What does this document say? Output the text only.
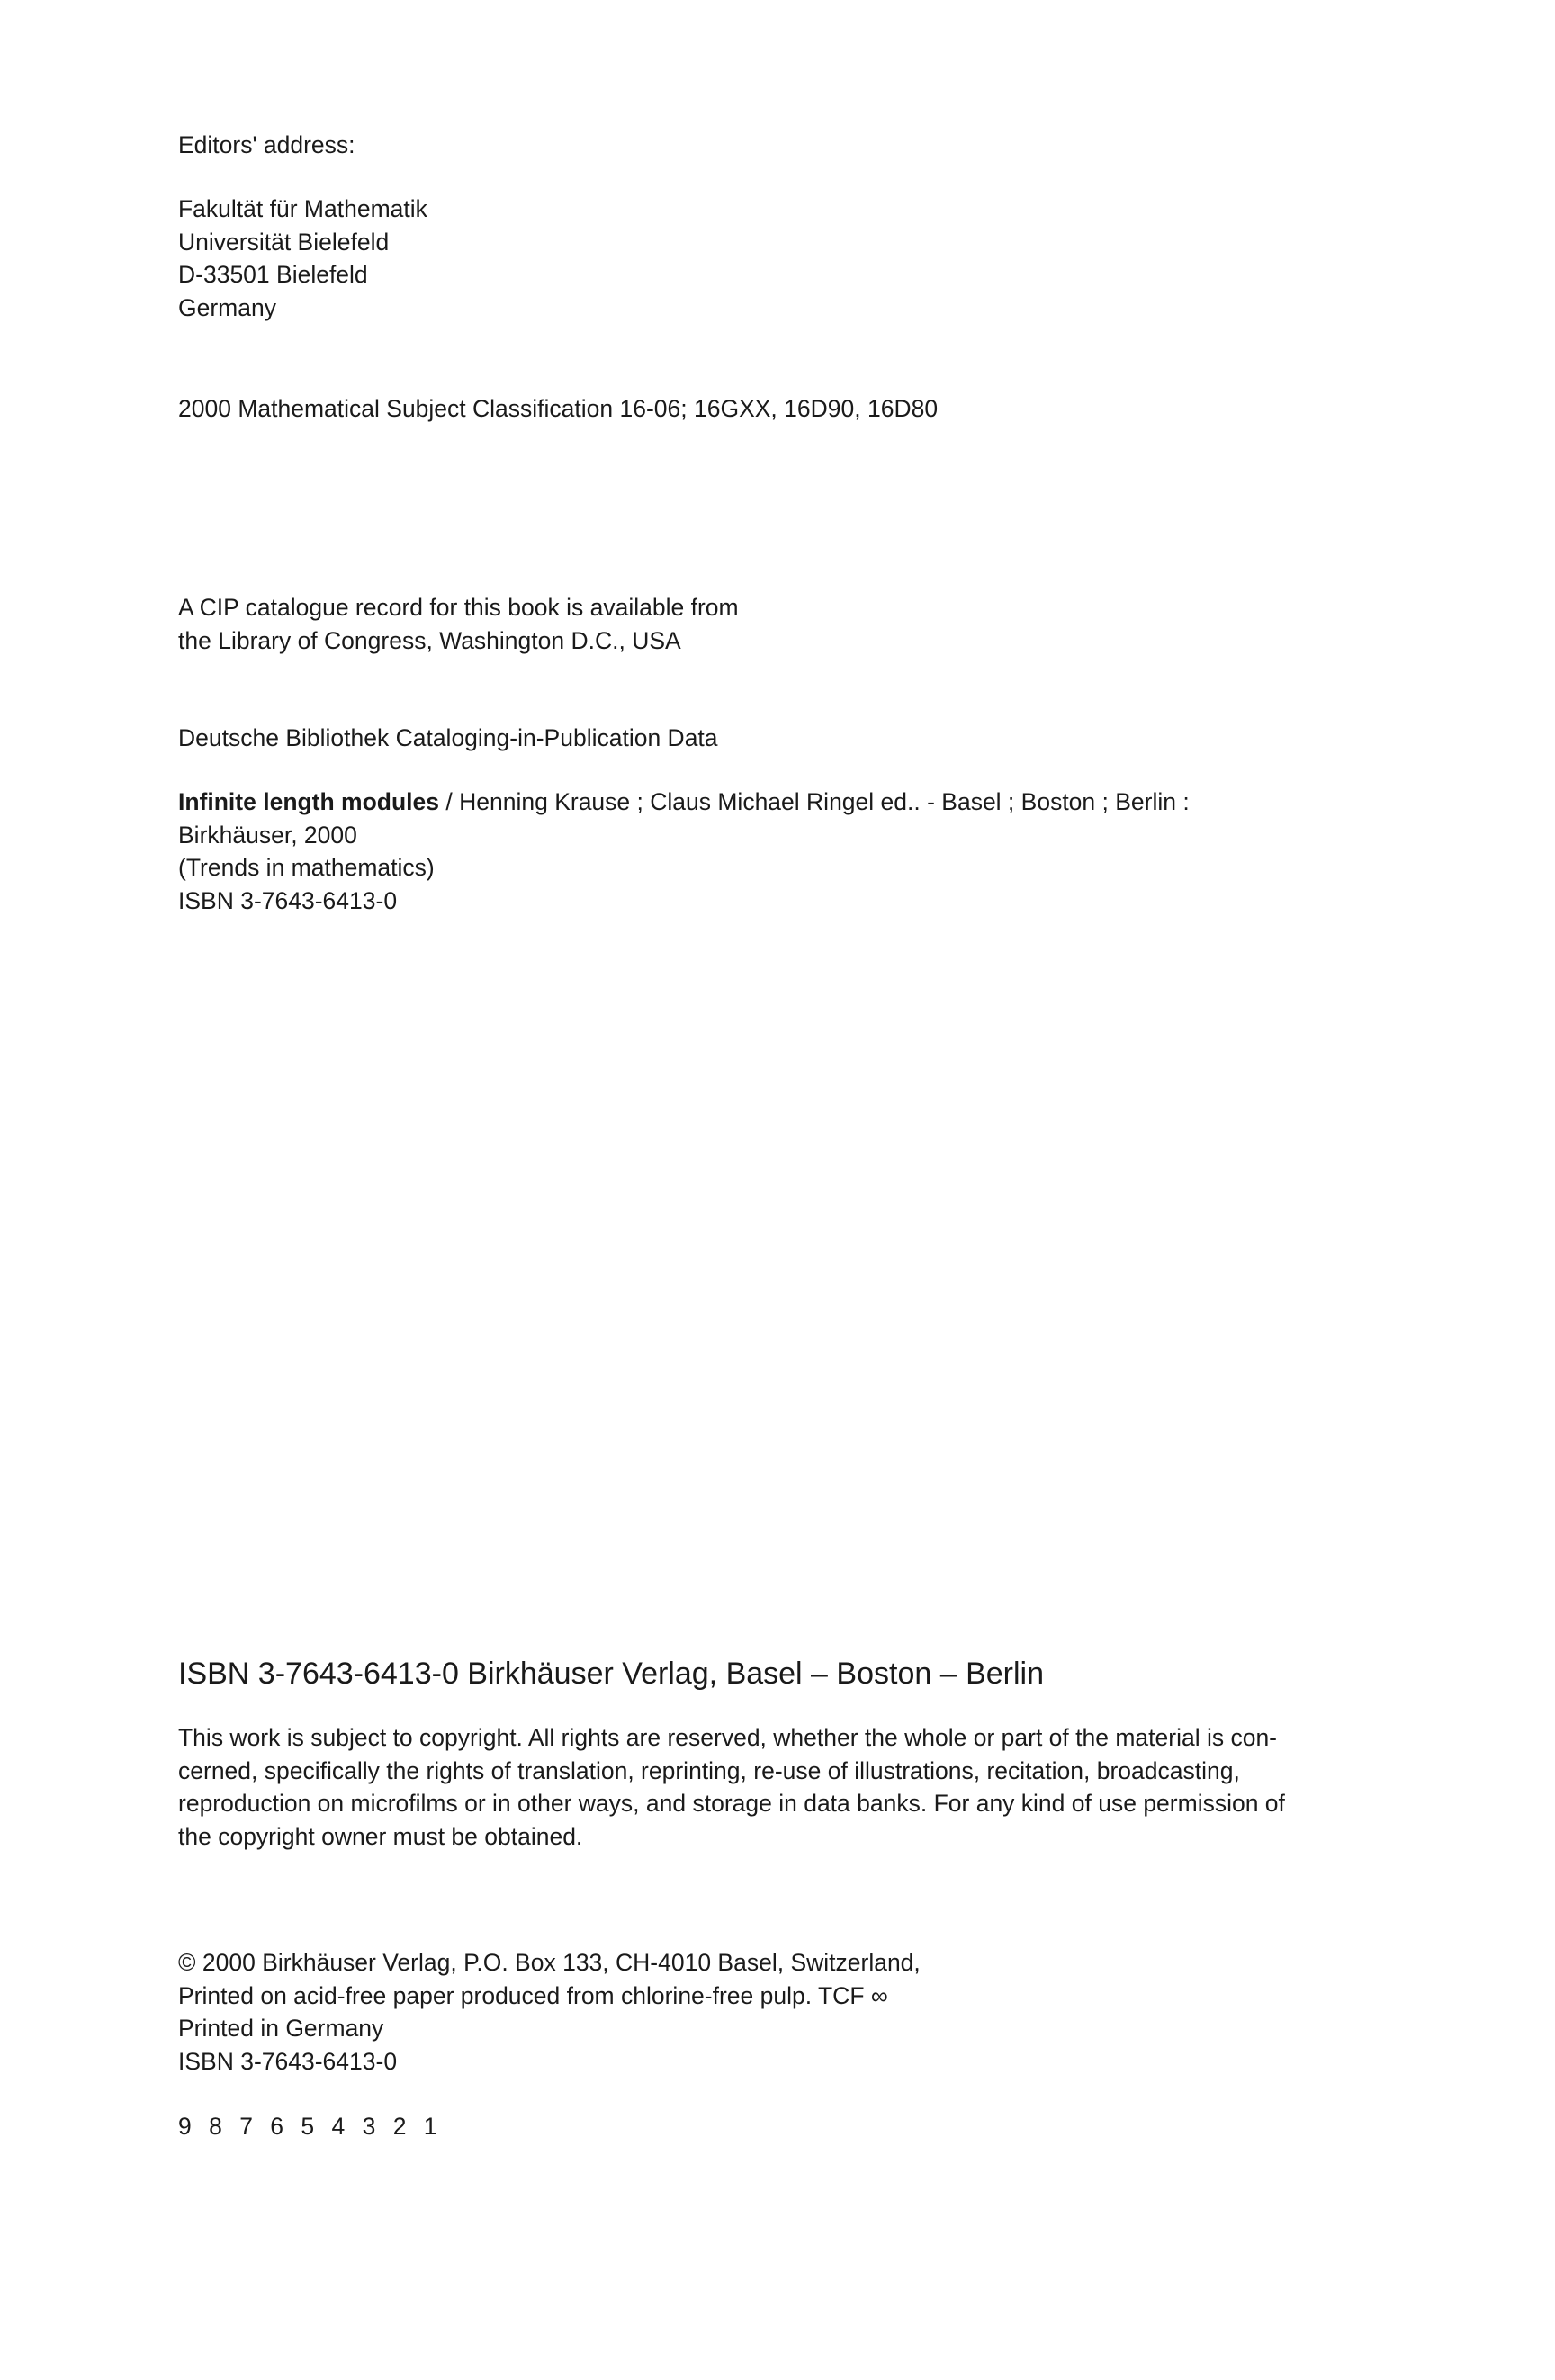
Editors' address:
Fakultät für Mathematik
Universität Bielefeld
D-33501 Bielefeld
Germany
2000 Mathematical Subject Classification 16-06; 16GXX, 16D90, 16D80
A CIP catalogue record for this book is available from
the Library of Congress, Washington D.C., USA
Deutsche Bibliothek Cataloging-in-Publication Data
Infinite length modules / Henning Krause ; Claus Michael Ringel ed.. - Basel ; Boston ; Berlin :
Birkhäuser, 2000
(Trends in mathematics)
ISBN 3-7643-6413-0
ISBN 3-7643-6413-0 Birkhäuser Verlag, Basel – Boston – Berlin
This work is subject to copyright. All rights are reserved, whether the whole or part of the material is con-
cerned, specifically the rights of translation, reprinting, re-use of illustrations, recitation, broadcasting,
reproduction on microfilms or in other ways, and storage in data banks. For any kind of use permission of
the copyright owner must be obtained.
© 2000 Birkhäuser Verlag, P.O. Box 133, CH-4010 Basel, Switzerland,
Printed on acid-free paper produced from chlorine-free pulp. TCF ∞
Printed in Germany
ISBN 3-7643-6413-0
9 8 7 6 5 4 3 2 1
